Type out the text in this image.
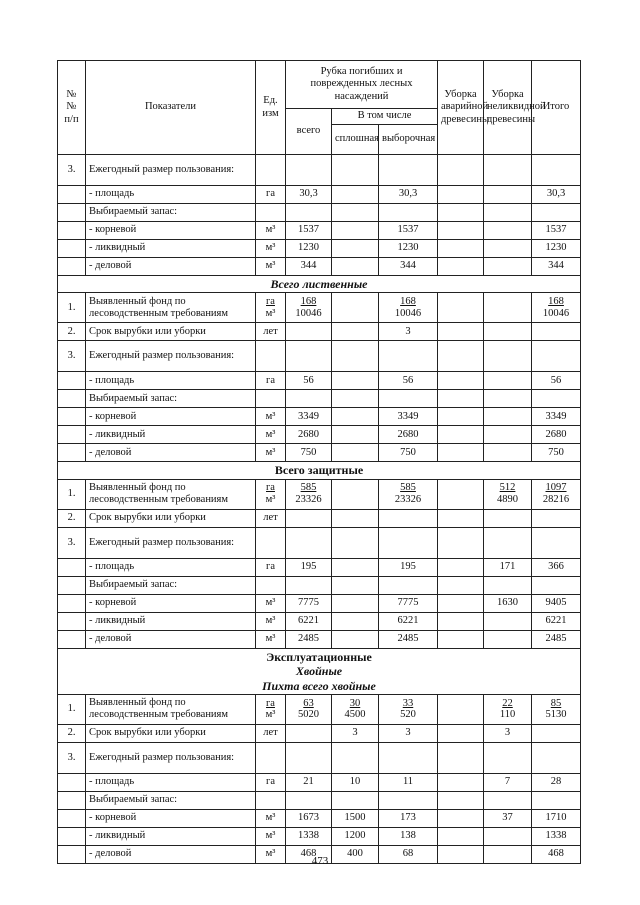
№ № п/п	Показатели	Ед. изм	Рубка погибших и поврежденных лесных насаждений			Уборка аварийной древесины	Уборка неликвидной древесины	Итого
			всего	В том числе				
				сплошная	выборочная			
3.	Ежегодный размер пользования:							
	- площадь	га	30,3		30,3			30,3
	Выбираемый запас:							
	- корневой	м³	1537		1537			1537
	- ликвидный	м³	1230		1230			1230
	- деловой	м³	344		344			344

Всего лиственные								

1.	Выявленный фонд по лесоводственным требованиям	$\frac{га}{\text{м³}}$	$\frac{168}{10046}$		$\frac{168}{10046}$			$\frac{168}{10046}$

2.	Срок вырубки или уборки	лет			3			
3.	Ежегодный размер пользования:							
	- площадь	га	56		56			56
	Выбираемый запас:							
	- корневой	м³	3349		3349			3349
	- ликвидный	м³	2680		2680			2680
	- деловой	м³	750		750			750

Всего защитные								

1.	Выявленный фонд по лесоводственным требованиям	$\frac{га}{\text{м³}}$	$\frac{585}{23326}$		$\frac{585}{23326}$		$\frac{512}{4890}$	$\frac{1097}{28216}$

2.	Срок вырубки или уборки	лет						
3.	Ежегодный размер пользования:							
	- площадь	га	195		195		171	366
	Выбираемый запас:							
	- корневой	м³	7775		7775		1630	9405
	- ликвидный	м³	6221		6221			6221
	- деловой	м³	2485		2485			2485

Эксплуатационные
Хвойные
Пихта всего хвойные								

1.	Выявленный фонд по лесоводственным требованиям	$\frac{га}{\text{м³}}$	$\frac{63}{5020}$	$\frac{30}{4500}$	$\frac{33}{520}$		$\frac{22}{110}$	$\frac{85}{5130}$

2.	Срок вырубки или уборки	лет		3	3		3	
3.	Ежегодный размер пользования:							
	- площадь	га	21	10	11		7	28
	Выбираемый запас:							
	- корневой	м³	1673	1500	173		37	1710
	- ликвидный	м³	1338	1200	138			1338
	- деловой	м³	468	400	68			468
473
